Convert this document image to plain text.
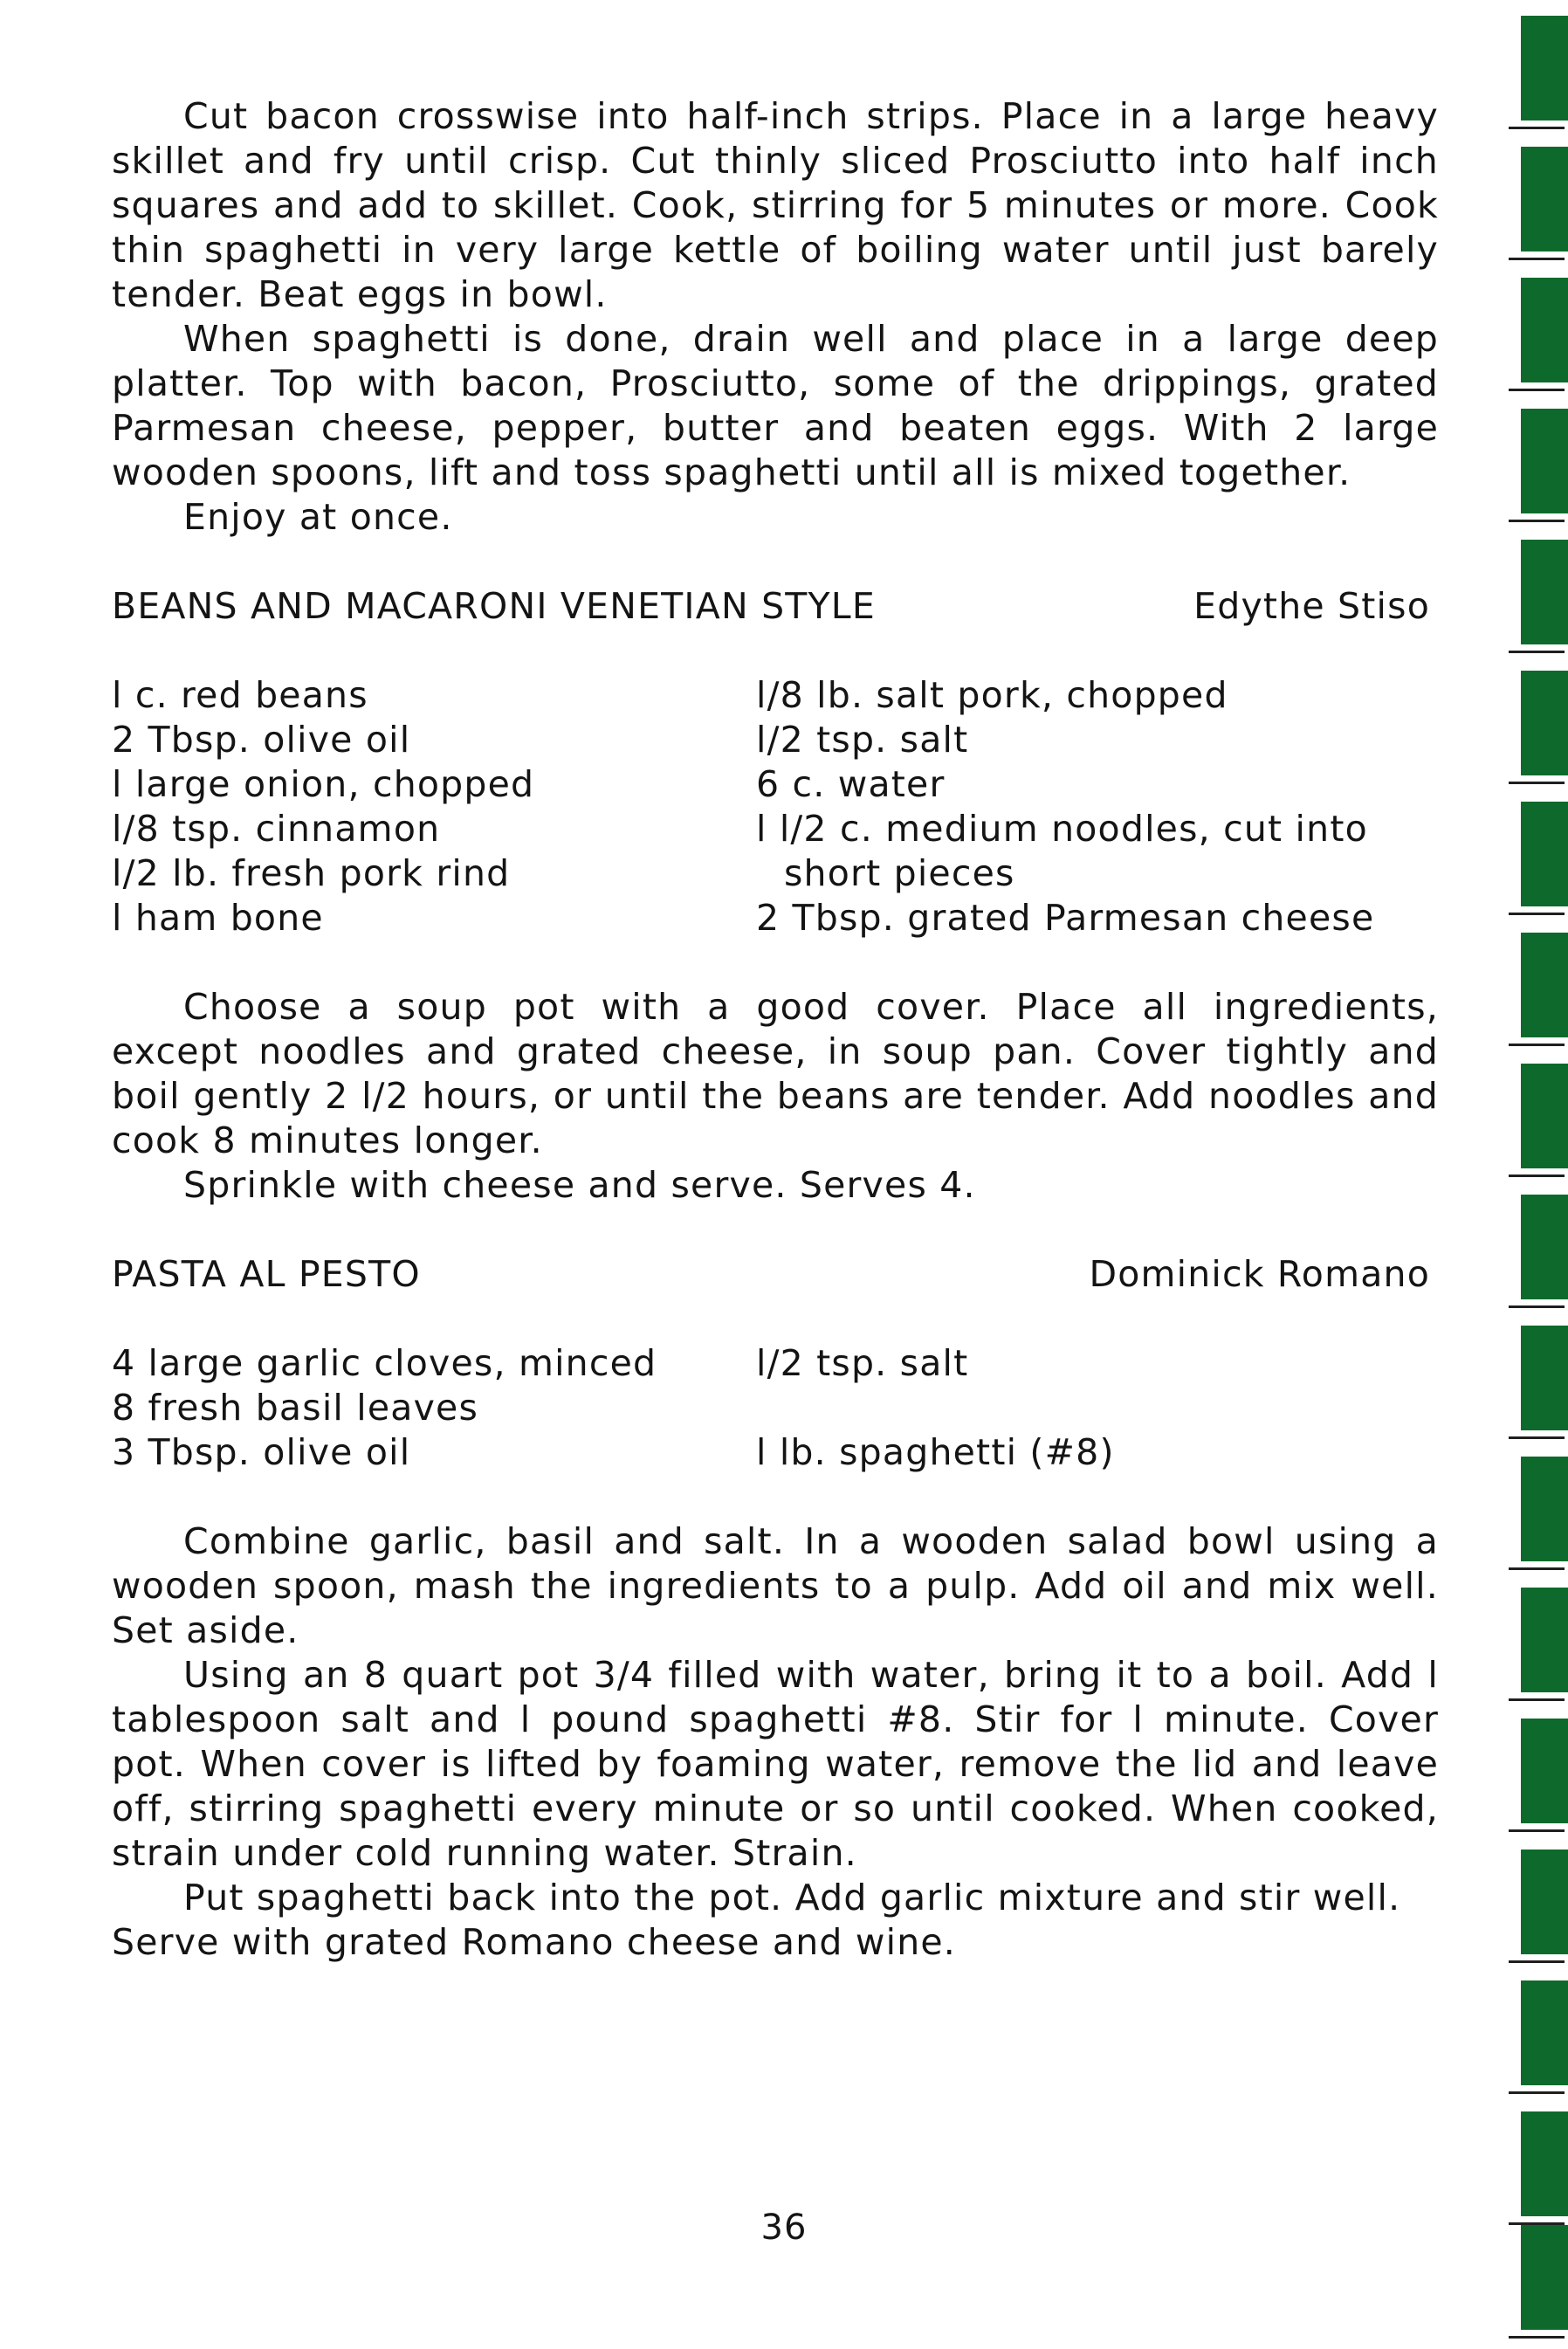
Cut bacon crosswise into half-inch strips. Place in a large heavy skillet and fry until crisp. Cut thinly sliced Prosciutto into half inch squares and add to skillet. Cook, stirring for 5 minutes or more. Cook thin spaghetti in very large kettle of boiling water until just barely tender. Beat eggs in bowl.

When spaghetti is done, drain well and place in a large deep platter. Top with bacon, Prosciutto, some of the drippings, grated Parmesan cheese, pepper, butter and beaten eggs. With 2 large wooden spoons, lift and toss spaghetti until all is mixed together.

Enjoy at once.

BEANS AND MACARONI VENETIAN STYLE	Edythe Stiso
l c. red beans
2 Tbsp. olive oil
l large onion, chopped
l/8 tsp. cinnamon
l/2 lb. fresh pork rind
l ham bone
l/8 lb. salt pork, chopped
l/2 tsp. salt
6 c. water
l l/2 c. medium noodles, cut into
short pieces
2 Tbsp. grated Parmesan cheese

Choose a soup pot with a good cover. Place all ingredients, except noodles and grated cheese, in soup pan. Cover tightly and boil gently 2 l/2 hours, or until the beans are tender. Add noodles and cook 8 minutes longer.

Sprinkle with cheese and serve. Serves 4.

PASTA AL PESTO	Dominick Romano
4 large garlic cloves, minced
8 fresh basil leaves
3 Tbsp. olive oil
l/2 tsp. salt
l lb. spaghetti (#8)

Combine garlic, basil and salt. In a wooden salad bowl using a wooden spoon, mash the ingredients to a pulp. Add oil and mix well. Set aside.

Using an 8 quart pot 3/4 filled with water, bring it to a boil. Add l tablespoon salt and l pound spaghetti #8. Stir for l minute. Cover pot. When cover is lifted by foaming water, remove the lid and leave off, stirring spaghetti every minute or so until cooked. When cooked, strain under cold running water. Strain.

Put spaghetti back into the pot. Add garlic mixture and stir well. Serve with grated Romano cheese and wine.

36
